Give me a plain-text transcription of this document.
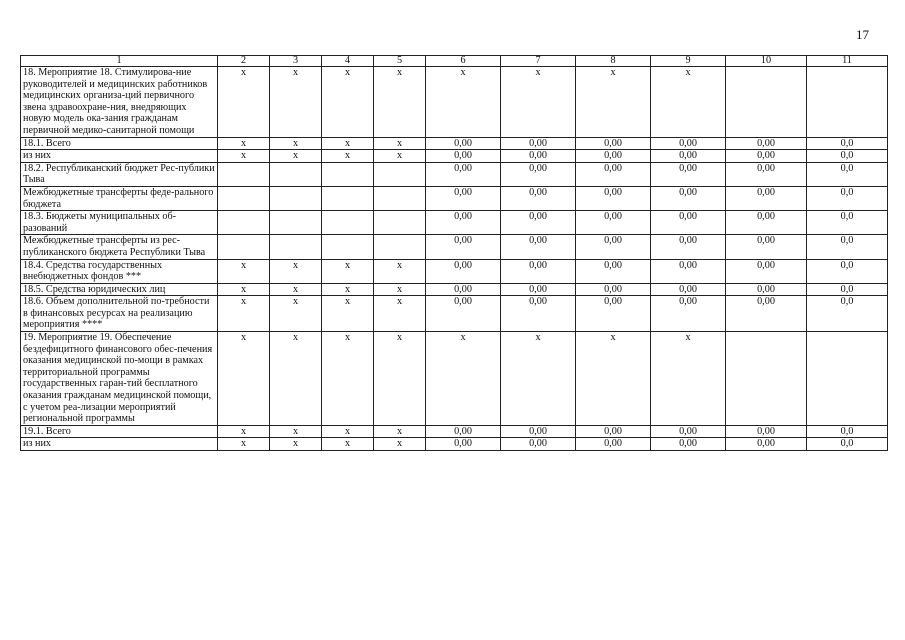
17
1	2	3	4	5	6	7	8	9	10	11
18. Мероприятие 18. Стимулирова-ние руководителей и медицинских работников медицинских организа-ций первичного звена здравоохране-ния, внедряющих новую модель ока-зания гражданам первичной медико-санитарной помощи	x	x	x	x	x	x	x	x		
18.1. Всего	x	x	x	x	0,00	0,00	0,00	0,00	0,00	0,0
из них	x	x	x	x	0,00	0,00	0,00	0,00	0,00	0,0
18.2. Республиканский бюджет Рес-публики Тыва					0,00	0,00	0,00	0,00	0,00	0,0
Межбюджетные трансферты феде-рального бюджета					0,00	0,00	0,00	0,00	0,00	0,0
18.3. Бюджеты муниципальных об-разований					0,00	0,00	0,00	0,00	0,00	0,0
Межбюджетные трансферты из рес-публиканского бюджета Республики Тыва					0,00	0,00	0,00	0,00	0,00	0,0
18.4. Средства государственных внебюджетных фондов ***	x	x	x	x	0,00	0,00	0,00	0,00	0,00	0,0
18.5. Средства юридических лиц	x	x	x	x	0,00	0,00	0,00	0,00	0,00	0,0
18.6. Объем дополнительной по-требности в финансовых ресурсах на реализацию мероприятия ****	x	x	x	x	0,00	0,00	0,00	0,00	0,00	0,0
19. Мероприятие 19. Обеспечение бездефицитного финансового обес-печения оказания медицинской по-мощи в рамках территориальной программы государственных гаран-тий бесплатного оказания гражданам медицинской помощи, с учетом реа-лизации мероприятий региональной программы	x	x	x	x	x	x	x	x		
19.1. Всего	x	x	x	x	0,00	0,00	0,00	0,00	0,00	0,0
из них	x	x	x	x	0,00	0,00	0,00	0,00	0,00	0,0
